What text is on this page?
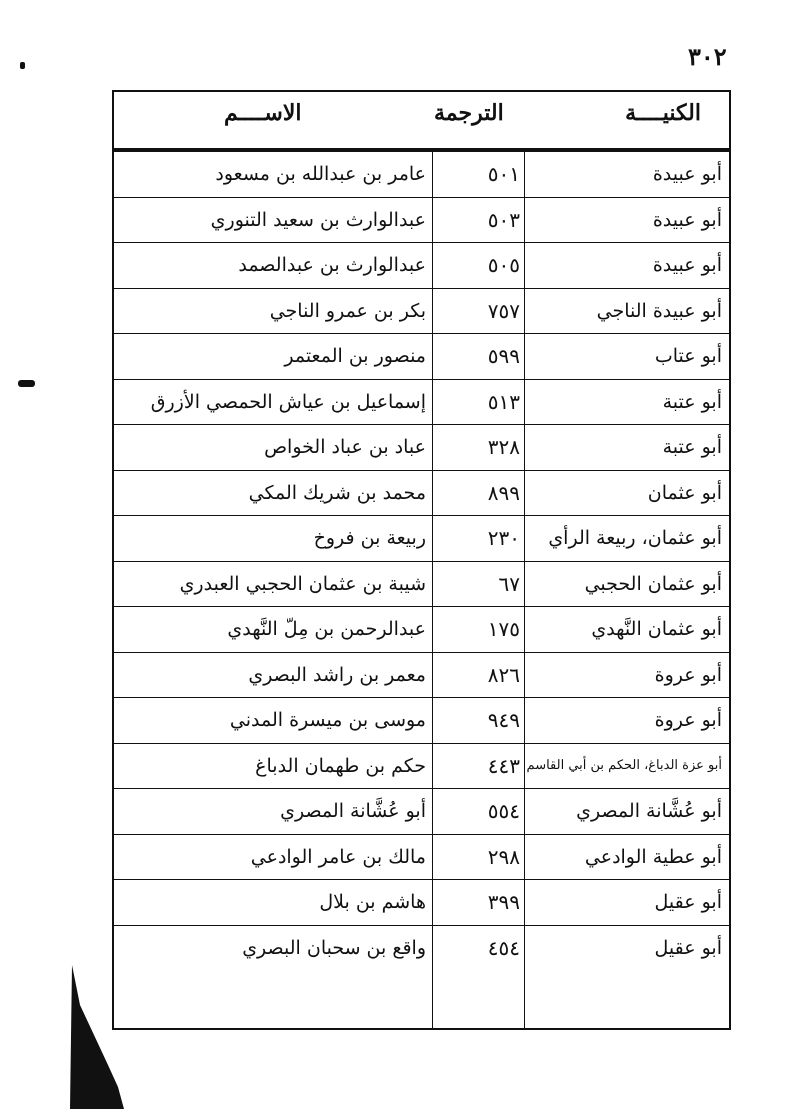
٣٠٢
الكنيــــة
الترجمة
الاســــم
أبو عبيدة
٥٠١
عامر بن عبدالله بن مسعود
أبو عبيدة
٥٠٣
عبدالوارث بن سعيد التنوري
أبو عبيدة
٥٠٥
عبدالوارث بن عبدالصمد
أبو عبيدة الناجي
٧٥٧
بكر بن عمرو الناجي
أبو عتاب
٥٩٩
منصور بن المعتمر
أبو عتبة
٥١٣
إسماعيل بن عياش الحمصي الأزرق
أبو عتبة
٣٢٨
عباد بن عباد الخواص
أبو عثمان
٨٩٩
محمد بن شريك المكي
أبو عثمان، ربيعة الرأي
٢٣٠
ربيعة بن فروخ
أبو عثمان الحجبي
٦٧
شيبة بن عثمان الحجبي العبدري
أبو عثمان النَّهدي
١٧٥
عبدالرحمن بن مِلّ النَّهدي
أبو عروة
٨٢٦
معمر بن راشد البصري
أبو عروة
٩٤٩
موسى بن ميسرة المدني
أبو عزة الدباغ، الحكم بن أبي القاسم
٤٤٣
حكم بن طهمان الدباغ
أبو عُشَّانة المصري
٥٥٤
أبو عُشَّانة المصري
أبو عطية الوادعي
٢٩٨
مالك بن عامر الوادعي
أبو عقيل
٣٩٩
هاشم بن بلال
أبو عقيل
٤٥٤
واقع بن سحبان البصري
